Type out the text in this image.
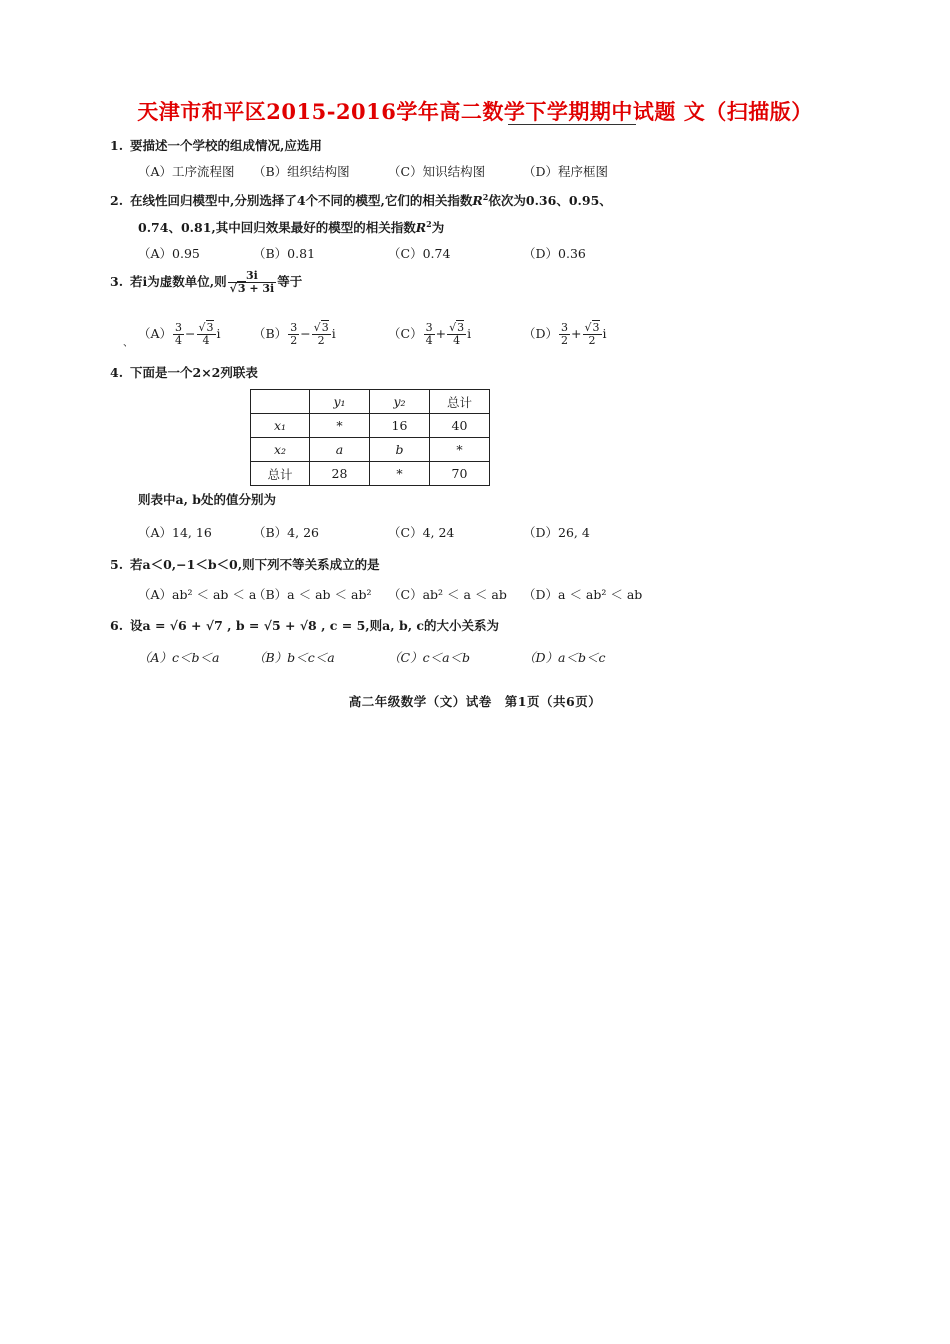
天津市和平区2015-2016学年高二数学下学期期中试题 文（扫描版）
1. 要描述一个学校的组成情况,应选用
（A）工序流程图 （B）组织结构图	（C）知识结构图	（D）程序框图
2. 在线性回归模型中,分别选择了4个不同的模型,它们的相关指数$R^2$依次为0.36、0.95、
0.74、0.81,其中回归效果最好的模型的相关指数$R^2$为
（A）0.95	（B）0.81	（C）0.74	（D）0.36
3. 若i为虚数单位,则 3i
√ 3 + 3i 等于
、
$(A) \frac{3}{4}$ − √ $\frac{3}{4}$ i	$(B) \frac{3}{2}$ − √ $\frac{3}{2}$ i	$(C) \frac{3}{4}$ + √ $\frac{3}{4}$ i	$(D) \frac{3}{2}$ + √ $\frac{3}{2}$ i
4. 下面是一个2×2列联表
	y₁	y₂	总计
x₁	*	16	40
x₂	a	b	*
总计	28	*	70
则表中a, b处的值分别为
（A）14, 16	（B）4, 26	（C）4, 24	（D）26, 4
5. 若a＜0,−1＜b＜0,则下列不等关系成立的是
（A）ab² ＜ ab ＜ a
（B）a ＜ ab ＜ ab² （C）ab² ＜ a ＜ ab （D）a ＜ ab² ＜ ab
6. 设a = √6 + √7 , b = √5 + √8 , c = 5,则a, b, c的大小关系为
（A）c＜b＜a	（B）b＜c＜a	（C）c＜a＜b	（D）a＜b＜c
高二年级数学（文）试卷　第1页（共6页）
